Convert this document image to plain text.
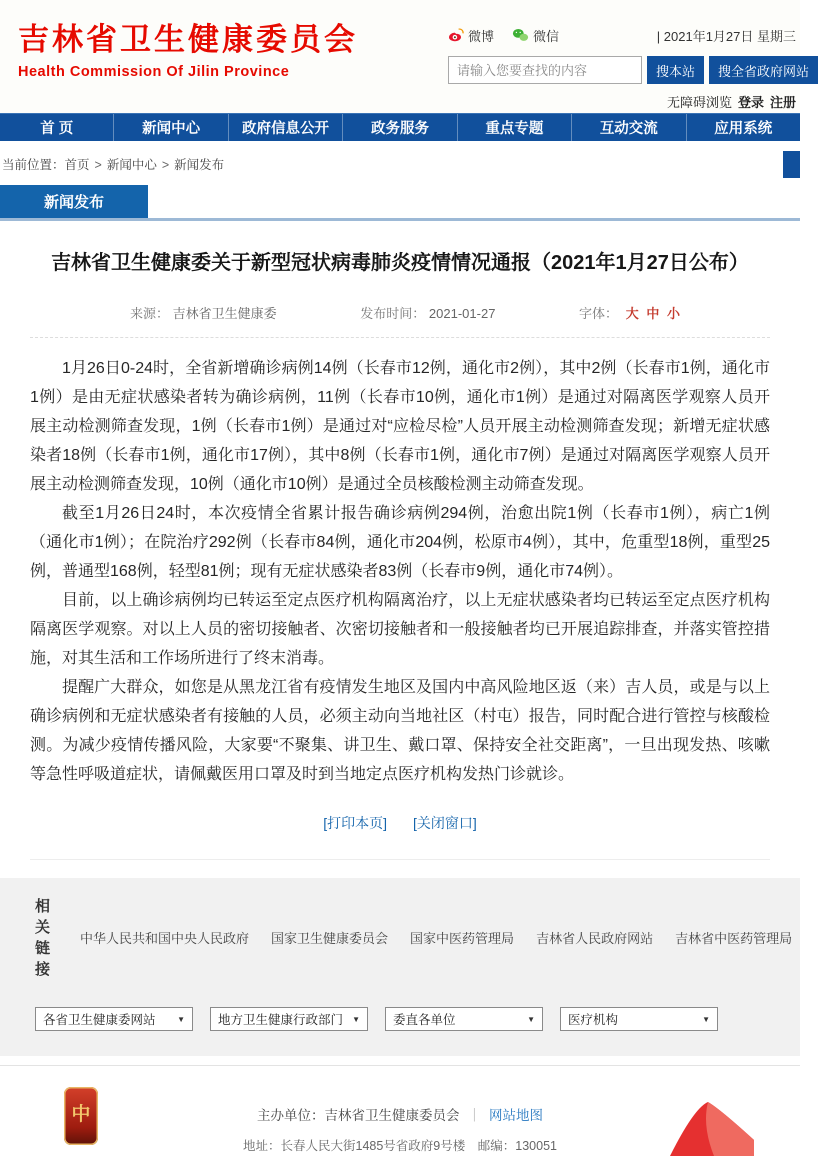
吉林省卫生健康委员会
Health Commission Of Jilin Province
微博	微信	| 2021年1月27日 星期三
请输入您要查找的内容
搜本站	搜全省政府网站
无障碍浏览 登录 注册
首 页	新闻中心	政府信息公开	政务服务	重点专题	互动交流	应用系统
当前位置：首页 > 新闻中心 > 新闻发布
新闻发布
吉林省卫生健康委关于新型冠状病毒肺炎疫情情况通报（2021年1月27日公布）
来源： 吉林省卫生健康委	发布时间： 2021-01-27	字体： 大 中 小

1月26日0-24时，全省新增确诊病例14例（长春市12例，通化市2例），其中2例（长春市1例，通化市1例）是由无症状感染者转为确诊病例，11例（长春市10例，通化市1例）是通过对隔离医学观察人员开展主动检测筛查发现，1例（长春市1例）是通过对“应检尽检”人员开展主动检测筛查发现；新增无症状感染者18例（长春市1例，通化市17例），其中8例（长春市1例，通化市7例）是通过对隔离医学观察人员开展主动检测筛查发现，10例（通化市10例）是通过全员核酸检测主动筛查发现。

截至1月26日24时，本次疫情全省累计报告确诊病例294例，治愈出院1例（长春市1例），病亡1例（通化市1例）；在院治疗292例（长春市84例，通化市204例，松原市4例），其中，危重型18例，重型25例，普通型168例，轻型81例；现有无症状感染者83例（长春市9例，通化市74例）。

目前，以上确诊病例均已转运至定点医疗机构隔离治疗，以上无症状感染者均已转运至定点医疗机构隔离医学观察。对以上人员的密切接触者、次密切接触者和一般接触者均已开展追踪排查，并落实管控措施，对其生活和工作场所进行了终末消毒。

提醒广大群众，如您是从黑龙江省有疫情发生地区及国内中高风险地区返（来）吉人员，或是与以上确诊病例和无症状感染者有接触的人员，必须主动向当地社区（村屯）报告，同时配合进行管控与核酸检测。为减少疫情传播风险，大家要“不聚集、讲卫生、戴口罩、保持安全社交距离”，一旦出现发热、咳嗽等急性呼吸道症状，请佩戴医用口罩及时到当地定点医疗机构发热门诊就诊。

[打印本页] [关闭窗口]
相关链接
中华人民共和国中央人民政府 国家卫生健康委员会 国家中医药管理局 吉林省人民政府网站 吉林省中医药管理局
各省卫生健康委网站	▼	地方卫生健康行政部门 ▼	委直各单位	▼	医疗机构	▼
中	主办单位：吉林省卫生健康委员会 ｜ 网站地图
地址：长春人民大街1485号省政府9号楼　邮编：130051
